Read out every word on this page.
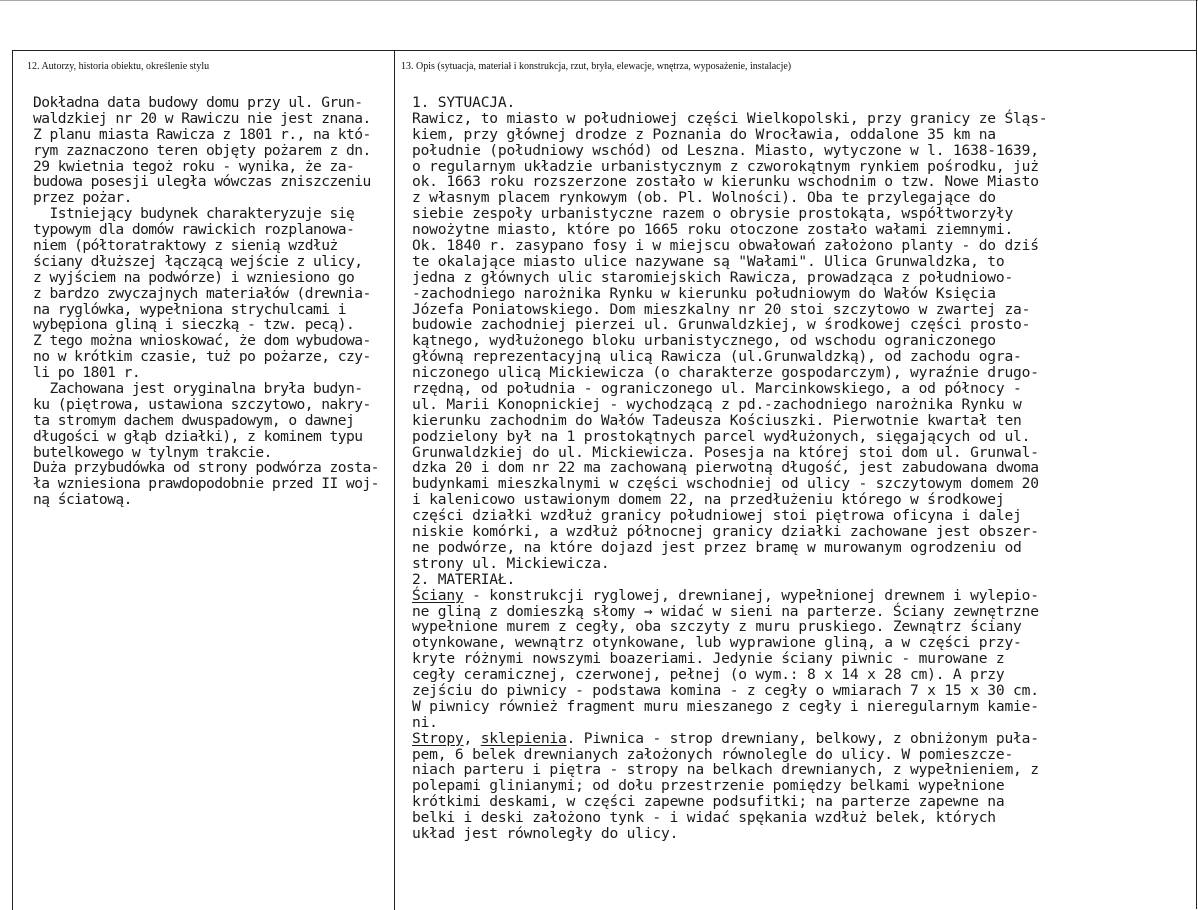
12. Autorzy, historia obiektu, określenie stylu	13. Opis (sytuacja, materiał i konstrukcja, rzut, bryła, elewacje, wnętrza, wyposażenie, instalacje)
Dokładna data budowy domu przy ul. Grun-
waldzkiej nr 20 w Rawiczu nie jest znana.
Z planu miasta Rawicza z 1801 r., na któ-
rym zaznaczono teren objęty pożarem z dn.
29 kwietnia tegoż roku - wynika, że za-
budowa posesji uległa wówczas zniszczeniu
przez pożar.
Istniejący budynek charakteryzuje się
typowym dla domów rawickich rozplanowa-
niem (półtoratraktowy z sienią wzdłuż
ściany dłuższej łączącą wejście z ulicy,
z wyjściem na podwórze) i wzniesiono go
z bardzo zwyczajnych materiałów (drewnia-
na ryglówka, wypełniona strychulcami i
wybępiona gliną i sieczką - tzw. pecą).
Z tego można wnioskować, że dom wybudowa-
no w krótkim czasie, tuż po pożarze, czy-
li po 1801 r.
Zachowana jest oryginalna bryła budyn-
ku (piętrowa, ustawiona szczytowo, nakry-
ta stromym dachem dwuspadowym, o dawnej
długości w głąb działki), z kominem typu
butelkowego w tylnym trakcie.
Duża przybudówka od strony podwórza zosta-
ła wzniesiona prawdopodobnie przed II woj-
ną ściatową.
1. SYTUACJA.
Rawicz, to miasto w południowej części Wielkopolski, przy granicy ze Śląs-
kiem, przy głównej drodze z Poznania do Wrocławia, oddalone 35 km na
południe (południowy wschód) od Leszna. Miasto, wytyczone w l. 1638-1639,
o regularnym układzie urbanistycznym z czworokątnym rynkiem pośrodku, już
ok. 1663 roku rozszerzone zostało w kierunku wschodnim o tzw. Nowe Miasto
z własnym placem rynkowym (ob. Pl. Wolności). Oba te przylegające do
siebie zespoły urbanistyczne razem o obrysie prostokąta, współtworzyły
nowożytne miasto, które po 1665 roku otoczone zostało wałami ziemnymi.
Ok. 1840 r. zasypano fosy i w miejscu obwałowań założono planty - do dziś
te okalające miasto ulice nazywane są "Wałami". Ulica Grunwaldzka, to
jedna z głównych ulic staromiejskich Rawicza, prowadząca z południowo-
-zachodniego narożnika Rynku w kierunku południowym do Wałów Księcia
Józefa Poniatowskiego. Dom mieszkalny nr 20 stoi szczytowo w zwartej za-
budowie zachodniej pierzei ul. Grunwaldzkiej, w środkowej części prosto-
kątnego, wydłużonego bloku urbanistycznego, od wschodu ograniczonego
główną reprezentacyjną ulicą Rawicza (ul.Grunwaldzką), od zachodu ogra-
niczonego ulicą Mickiewicza (o charakterze gospodarczym), wyraźnie drugo-
rzędną, od południa - ograniczonego ul. Marcinkowskiego, a od północy -
ul. Marii Konopnickiej - wychodzącą z pd.-zachodniego narożnika Rynku w
kierunku zachodnim do Wałów Tadeusza Kościuszki. Pierwotnie kwartał ten
podzielony był na 1 prostokątnych parcel wydłużonych, sięgających od ul.
Grunwaldzkiej do ul. Mickiewicza. Posesja na której stoi dom ul. Grunwal-
dzka 20 i dom nr 22 ma zachowaną pierwotną długość, jest zabudowana dwoma
budynkami mieszkalnymi w części wschodniej od ulicy - szczytowym domem 20
i kalenicowo ustawionym domem 22, na przedłużeniu którego w środkowej
części działki wzdłuż granicy południowej stoi piętrowa oficyna i dalej
niskie komórki, a wzdłuż północnej granicy działki zachowane jest obszer-
ne podwórze, na które dojazd jest przez bramę w murowanym ogrodzeniu od
strony ul. Mickiewicza.
2. MATERIAŁ.
Ściany - konstrukcji ryglowej, drewnianej, wypełnionej drewnem i wylepio-
ne gliną z domieszką słomy → widać w sieni na parterze. Ściany zewnętrzne
wypełnione murem z cegły, oba szczyty z muru pruskiego. Zewnątrz ściany
otynkowane, wewnątrz otynkowane, lub wyprawione gliną, a w części przy-
kryte różnymi nowszymi boazeriami. Jedynie ściany piwnic - murowane z
cegły ceramicznej, czerwonej, pełnej (o wym.: 8 x 14 x 28 cm). A przy
zejściu do piwnicy - podstawa komina - z cegły o wmiarach 7 x 15 x 30 cm.
W piwnicy również fragment muru mieszanego z cegły i nieregularnym kamie-
ni.
Stropy, sklepienia. Piwnica - strop drewniany, belkowy, z obniżonym puła-
pem, 6 belek drewnianych założonych równolegle do ulicy. W pomieszcze-
niach parteru i piętra - stropy na belkach drewnianych, z wypełnieniem, z
polepami glinianymi; od dołu przestrzenie pomiędzy belkami wypełnione
krótkimi deskami, w części zapewne podsufitki; na parterze zapewne na
belki i deski założono tynk - i widać spękania wzdłuż belek, których
układ jest równoległy do ulicy.
